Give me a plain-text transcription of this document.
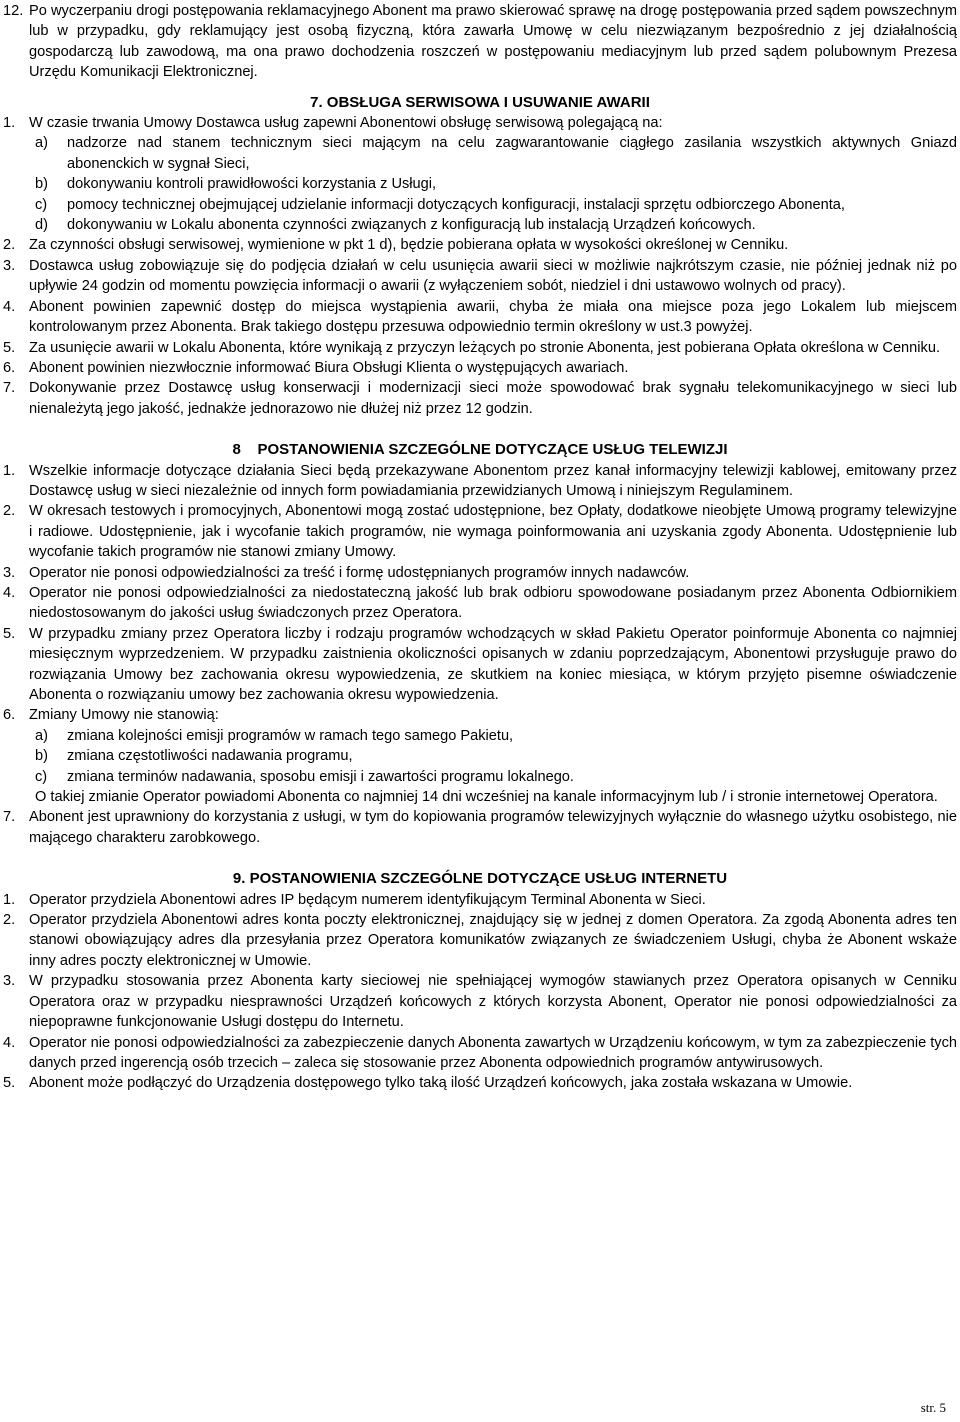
12. Po wyczerpaniu drogi postępowania reklamacyjnego Abonent ma prawo skierować sprawę na drogę postępowania przed sądem powszechnym lub w przypadku, gdy reklamujący jest osobą fizyczną, która zawarła Umowę w celu niezwiązanym bezpośrednio z jej działalnością gospodarczą lub zawodową, ma ona prawo dochodzenia roszczeń w postępowaniu mediacyjnym lub przed sądem polubownym Prezesa Urzędu Komunikacji Elektronicznej.
7. OBSŁUGA SERWISOWA I USUWANIE AWARII
1. W czasie trwania Umowy Dostawca usług zapewni Abonentowi obsługę serwisową polegającą na:
a) nadzorze nad stanem technicznym sieci mającym na celu zagwarantowanie ciągłego zasilania wszystkich aktywnych Gniazd abonenckich w sygnał Sieci,
b) dokonywaniu kontroli prawidłowości korzystania z Usługi,
c) pomocy technicznej obejmującej udzielanie informacji dotyczących konfiguracji, instalacji sprzętu odbiorczego Abonenta,
d) dokonywaniu w Lokalu abonenta czynności związanych z konfiguracją lub instalacją Urządzeń końcowych.
2. Za czynności obsługi serwisowej, wymienione w pkt 1 d), będzie pobierana opłata w wysokości określonej w Cenniku.
3. Dostawca usług zobowiązuje się do podjęcia działań w celu usunięcia awarii sieci w możliwie najkrótszym czasie, nie później jednak niż po upływie 24 godzin od momentu powzięcia informacji o awarii (z wyłączeniem sobót, niedziel i dni ustawowo wolnych od pracy).
4. Abonent powinien zapewnić dostęp do miejsca wystąpienia awarii, chyba że miała ona miejsce poza jego Lokalem lub miejscem kontrolowanym przez Abonenta. Brak takiego dostępu przesuwa odpowiednio termin określony w ust.3 powyżej.
5. Za usunięcie awarii w Lokalu Abonenta, które wynikają z przyczyn leżących po stronie Abonenta, jest pobierana Opłata określona w Cenniku.
6. Abonent powinien niezwłocznie informować Biura Obsługi Klienta o występujących awariach.
7. Dokonywanie przez Dostawcę usług konserwacji i modernizacji sieci może spowodować brak sygnału telekomunikacyjnego w sieci lub nienależytą jego jakość, jednakże jednorazowo nie dłużej niż przez 12 godzin.
8    POSTANOWIENIA SZCZEGÓLNE DOTYCZĄCE USŁUG TELEWIZJI
1. Wszelkie informacje dotyczące działania Sieci będą przekazywane Abonentom przez kanał informacyjny telewizji kablowej, emitowany przez Dostawcę usług w sieci niezależnie od innych form powiadamiania przewidzianych Umową i niniejszym Regulaminem.
2. W okresach testowych i promocyjnych, Abonentowi mogą zostać udostępnione, bez Opłaty, dodatkowe nieobjęte Umową programy telewizyjne i radiowe. Udostępnienie, jak i wycofanie takich programów, nie wymaga poinformowania ani uzyskania zgody Abonenta. Udostępnienie lub wycofanie takich programów nie stanowi zmiany Umowy.
3. Operator nie ponosi odpowiedzialności za treść i formę udostępnianych programów innych nadawców.
4. Operator nie ponosi odpowiedzialności za niedostateczną jakość lub brak odbioru spowodowane posiadanym przez Abonenta Odbiornikiem niedostosowanym do jakości usług świadczonych przez Operatora.
5. W przypadku zmiany przez Operatora liczby i rodzaju programów wchodzących w skład Pakietu Operator poinformuje Abonenta co najmniej miesięcznym wyprzedzeniem. W przypadku zaistnienia okoliczności opisanych w zdaniu poprzedzającym, Abonentowi przysługuje prawo do rozwiązania Umowy bez zachowania okresu wypowiedzenia, ze skutkiem na koniec miesiąca, w którym przyjęto pisemne oświadczenie Abonenta o rozwiązaniu umowy bez zachowania okresu wypowiedzenia.
6. Zmiany Umowy nie stanowią:
a) zmiana kolejności emisji programów w ramach tego samego Pakietu,
b) zmiana częstotliwości nadawania programu,
c) zmiana terminów nadawania, sposobu emisji i zawartości programu lokalnego.
O takiej zmianie Operator powiadomi Abonenta co najmniej 14 dni wcześniej na kanale informacyjnym lub / i stronie internetowej Operatora.
7. Abonent jest uprawniony do korzystania z usługi, w tym do kopiowania programów telewizyjnych wyłącznie do własnego użytku osobistego, nie mającego charakteru zarobkowego.
9. POSTANOWIENIA SZCZEGÓLNE DOTYCZĄCE USŁUG INTERNETU
1. Operator przydziela Abonentowi adres IP będącym numerem identyfikującym Terminal Abonenta w Sieci.
2. Operator przydziela Abonentowi adres konta poczty elektronicznej, znajdujący się w jednej z domen Operatora. Za zgodą Abonenta adres ten stanowi obowiązujący adres dla przesyłania przez Operatora komunikatów związanych ze świadczeniem Usługi, chyba że Abonent wskaże inny adres poczty elektronicznej w Umowie.
3. W przypadku stosowania przez Abonenta karty sieciowej nie spełniającej wymogów stawianych przez Operatora opisanych w Cenniku Operatora oraz w przypadku niesprawności Urządzeń końcowych z których korzysta Abonent, Operator nie ponosi odpowiedzialności za niepoprawne funkcjonowanie Usługi dostępu do Internetu.
4. Operator nie ponosi odpowiedzialności za zabezpieczenie danych Abonenta zawartych w Urządzeniu końcowym, w tym za zabezpieczenie tych danych przed ingerencją osób trzecich – zaleca się stosowanie przez Abonenta odpowiednich programów antywirusowych.
5. Abonent może podłączyć do Urządzenia dostępowego tylko taką ilość Urządzeń końcowych, jaka została wskazana w Umowie.
str. 5
